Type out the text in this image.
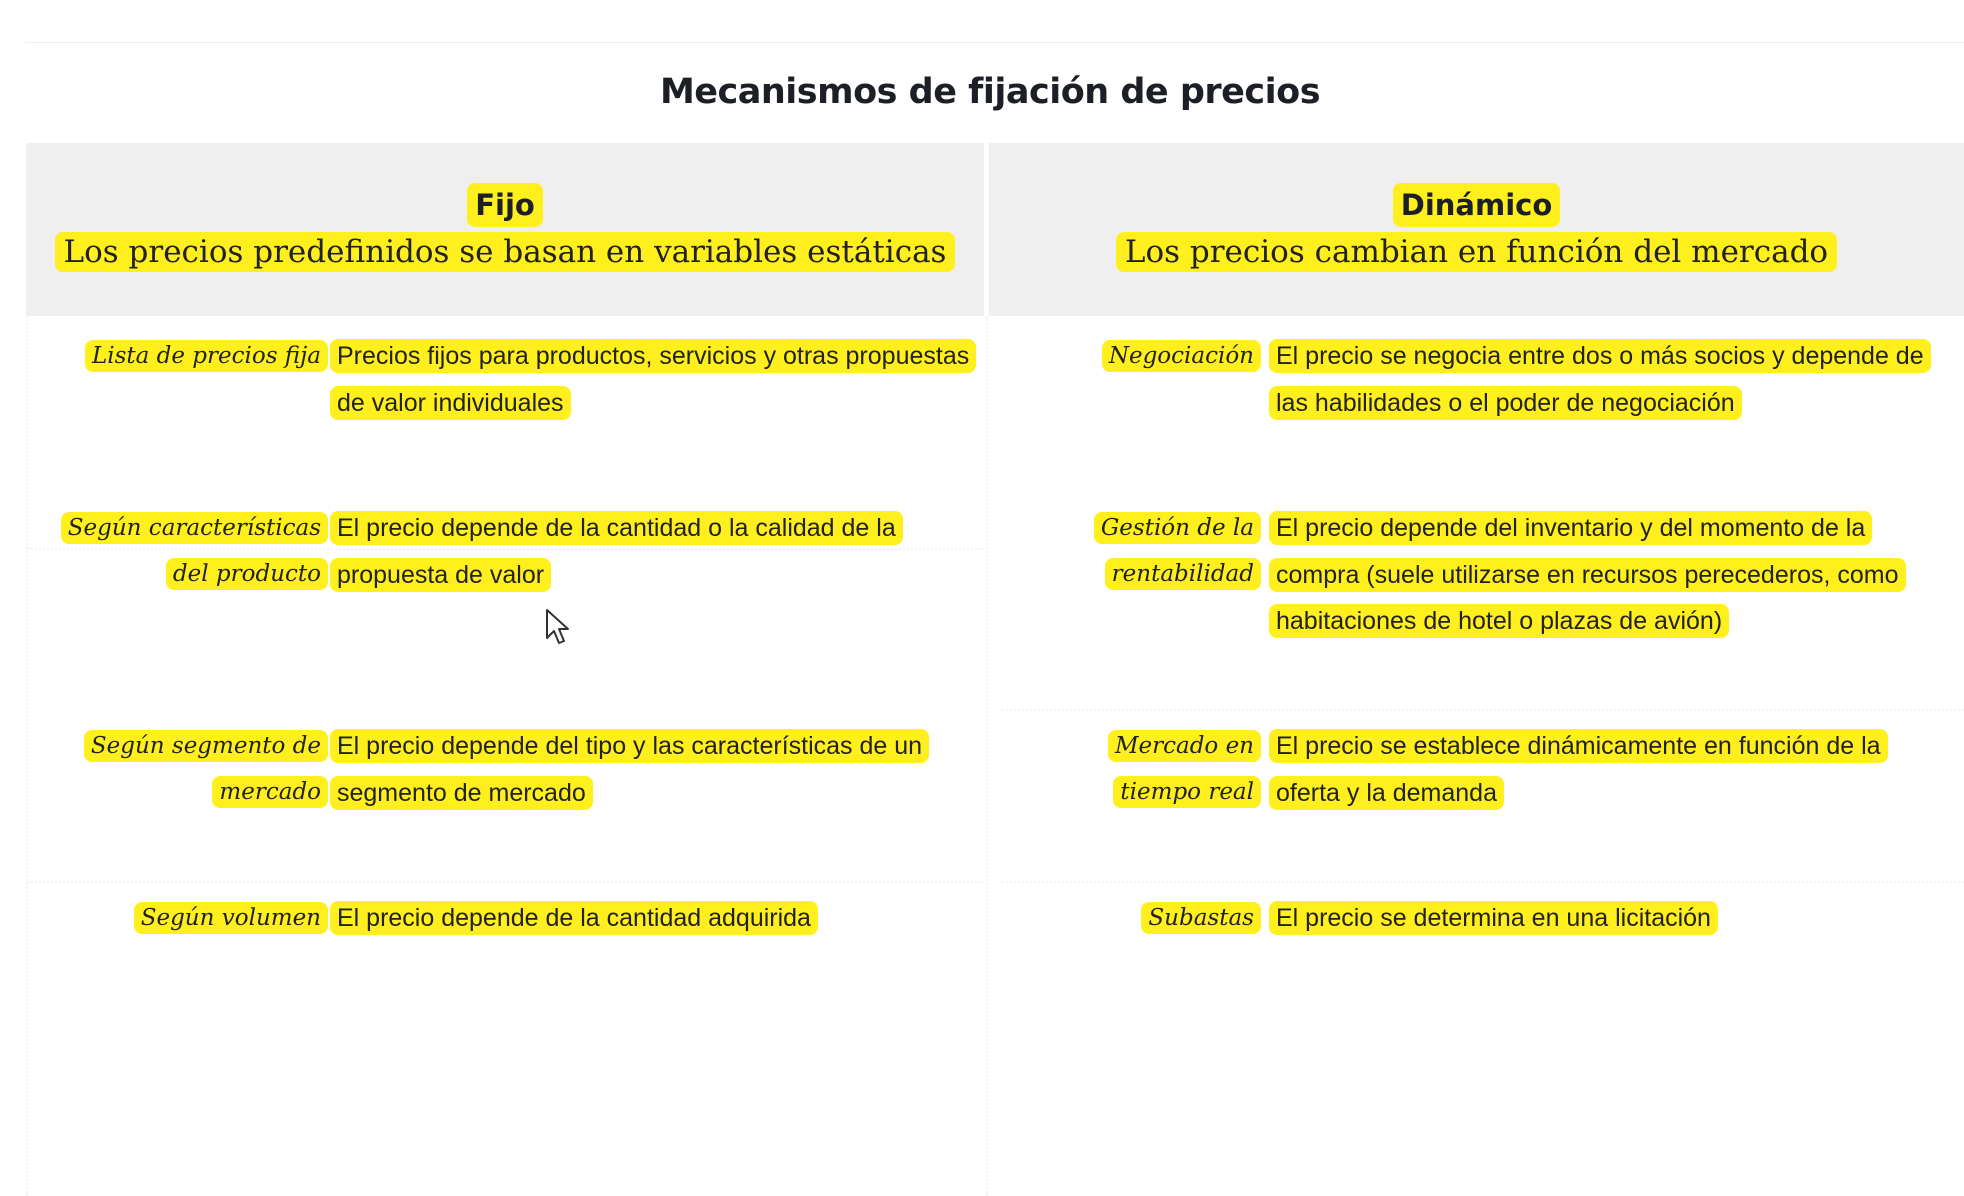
Mecanismos de fijación de precios
Fijo
Los precios predefinidos se basan en variables estáticas
Dinámico
Los precios cambian en función del mercado
Lista de precios fija Precios fijos para productos, servicios y otras propuestas de valor individuales
Según características del producto
El precio depende de la cantidad o la calidad de la propuesta de valor
Según segmento de mercado
El precio depende del tipo y las características de un segmento de mercado
Según volumen El precio depende de la cantidad adquirida
Negociación El precio se negocia entre dos o más socios y depende de las habilidades o el poder de negociación
Gestión de la rentabilidad
El precio depende del inventario y del momento de la compra (suele utilizarse en recursos perecederos, como habitaciones de hotel o plazas de avión)
Mercado en tiempo real
El precio se establece dinámicamente en función de la oferta y la demanda
Subastas El precio se determina en una licitación
